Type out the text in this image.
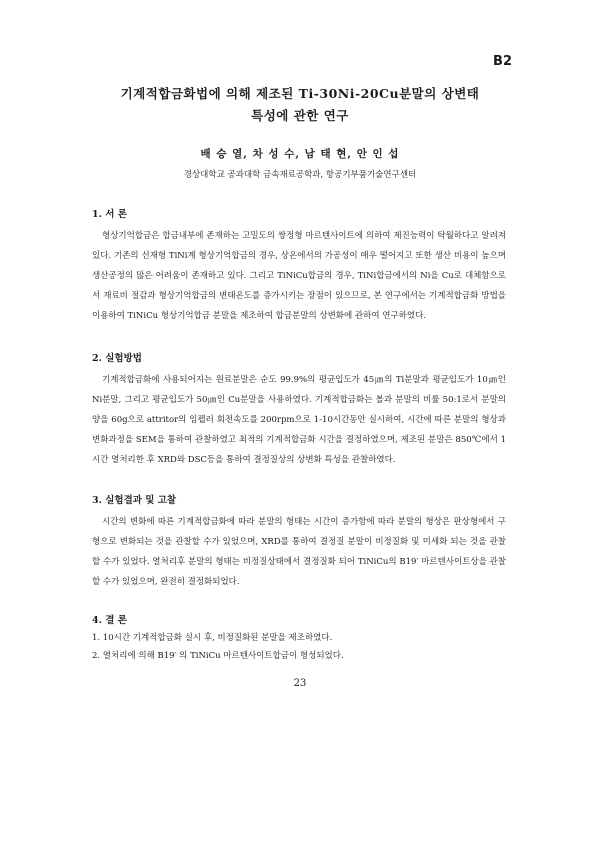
B2
기계적합금화법에 의해 제조된 Ti-30Ni-20Cu분말의 상변태
특성에 관한 연구
배 승 열, 차 성 수, 남 태 현, 안 인 섭
경상대학교 공과대학 금속재료공학과, 항공기부품기술연구센터
1. 서 론

형상기억합금은 합금내부에 존재하는 고밀도의 쌍정형 마르텐사이트에 의하여 제진능력이 탁월하다고 알려져 있다. 기존의 선재형 TiNi계 형상기억합금의 경우, 상온에서의 가공성이 매우 떨어지고 또한 생산 비용이 높으며 생산공정의 많은 어려움이 존재하고 있다. 그리고 TiNiCu합금의 경우, TiNi합금에서의 Ni을 Cu로 대체함으로서 재료비 절감과 형상기억합금의 변태온도를 증가시키는 장점이 있으므로, 본 연구에서는 기계적합금화 방법을 이용하여 TiNiCu 형상기억합금 분말을 제조하여 합금분말의 상변화에 관하여 연구하였다.

2. 실험방법

기계적합금화에 사용되어지는 원료분말은 순도 99.9%의 평균입도가 45㎛의 Ti분말과 평균입도가 10㎛인 Ni분말, 그리고 평균입도가 50㎛인 Cu분말을 사용하였다. 기계적합금화는 볼과 분말의 비률 50:1로서 분말의 양을 60g으로 attritor의 임펠러 회전속도를 200rpm으로 1-10시간동안 실시하여, 시간에 따른 분말의 형상과 변화과정을 SEM을 통하여 관찰하였고 최적의 기계적합금화 시간을 결정하였으며, 제조된 분말은 850℃에서 1시간 열처리한 후 XRD와 DSC등을 통하여 결정질상의 상변화 특성을 관찰하였다.

3. 실험결과 및 고찰

시간의 변화에 따른 기계적합금화에 따라 분말의 형태는 시간이 증가함에 따라 분말의 형상은 판상형에서 구형으로 변화되는 것을 관찰할 수가 있었으며, XRD를 통하여 결정질 분말이 비정질화 및 미세화 되는 것을 관찰할 수가 있었다. 열처리후 분말의 형태는 비정질상태에서 결정질화 되어 TiNiCu의 B19′ 마르텐사이트상을 관찰할 수가 있었으며, 완전히 결정화되었다.

4. 결 론
1. 10시간 기계적합금화 실시 후, 비정질화된 분말을 제조하였다.
2. 열처리에 의해 B19′ 의 TiNiCu 마르텐사이트합금이 형성되었다.
23
